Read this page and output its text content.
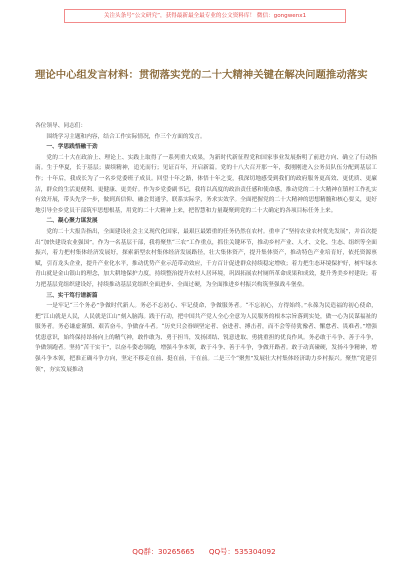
关注头条号“公文研究”，获得最新最全最专业的公文资料库！ 微信：gongwenx1
理论中心组发言材料：贯彻落实党的二十大精神关键在解决问题推动落实

各位领导、同志们：

围绕学习主题和内容，结合工作实际情况，作三个方面的发言。

一、学思践悟融干劲

党的二十大在政治上、理论上、实践上取得了一系列重大成果，为新时代新征程党和国家事业发展指明了前进方向、确立了行动指南。生于华夏，长于基层；赓续精神，追光而行；见证百年，开启新篇。党的十八大召开那一年，我刚刚进入公务员队伍分配到基层工作；十年后，我成长为了一名乡党委班子成员。回望十年之路，体悟十年之变，我深切地感受到我们的政府服务更高效、更优质、更廉洁，群众的生活更便利、更健康、更美好。作为乡党委副书记，我将以高度的政治责任感和使命感，推动党的二十大精神在镇村工作扎实有效开展，带头先学一步，做到真信仰、融会贯通学，联系实际学，务求实效学。全面把握党的二十大精神的思想精髓和核心要义，更好地引导全乡党员干部筑牢思想根基，用党的二十大精神上来，把智慧和力量凝聚到党的二十大确定的各项目标任务上来。

二、凝心聚力谋发展

党的二十大报告指出，全面建设社会主义现代化国家，最艰巨最繁重的任务仍然在农村。重申了“坚持农业农村优先发展”，并首次提出“加快建设农业强国”。作为一名基层干部，我将聚焦“三农”工作重点，抓住关键环节，推动乡村产业、人才、文化、生态、组织等全面振兴，着力把村集体经济发展好，探索新型农村集体经济发展路径，壮大集体资产，提升集体资产，推动特色产业培育好，依托资源禀赋，引育龙头企业，提升产业化水平，推动优势产业示范带动效应，千方百计促进群众持续稳定增收；着力把生态环境保护好，树牢绿水青山就是金山银山的理念，加大耕地保护力度，持续整治提升农村人居环境，巩固拓展农村厕所革命成果和成效，提升秀美乡村建设；着力把基层党组织建设好，持续推动基层党组织全面进步、全面过硬，为全面推进乡村振兴构筑坚强战斗堡垒。

三、实干笃行谱新篇

一是牢记“三个务必”争做时代新人。务必不忘初心、牢记使命，争做服务者。“不忘初心，方得始终。”永葆为民造福的初心使命，把“江山就是人民，人民就是江山”刻入脑海。践于行动，把中国共产党人全心全意为人民服务的根本宗旨落到实处，做一心为民谋福祉的服务者。务必谦虚谨慎、艰苦奋斗，争做奋斗者。“历史只会眷顾坚定者、奋进者、搏击者，而不会等待犹豫者、懈怠者、畏难者。”增强忧患意识，始终保持昂扬向上的精气神，敢作敢为、勇于担当，发扬团结、锐意进取、勇挑重担的优良作风。务必敢于斗争、善于斗争，争做领跑者。坚持“苦干实干”，以奋斗姿态领跑，增强斗争本领，敢于斗争、善于斗争，争做开路者。敢于动真碰硬，发扬斗争精神，增强斗争本领，把准正确斗争方向，坚定不移走在前、挺在前，干在前。二是三个“聚焦”发展壮大村集体经济助力乡村振兴。聚焦“党建引领”，夯实发展推动

QQ群：30265665 QQ号：535304092
